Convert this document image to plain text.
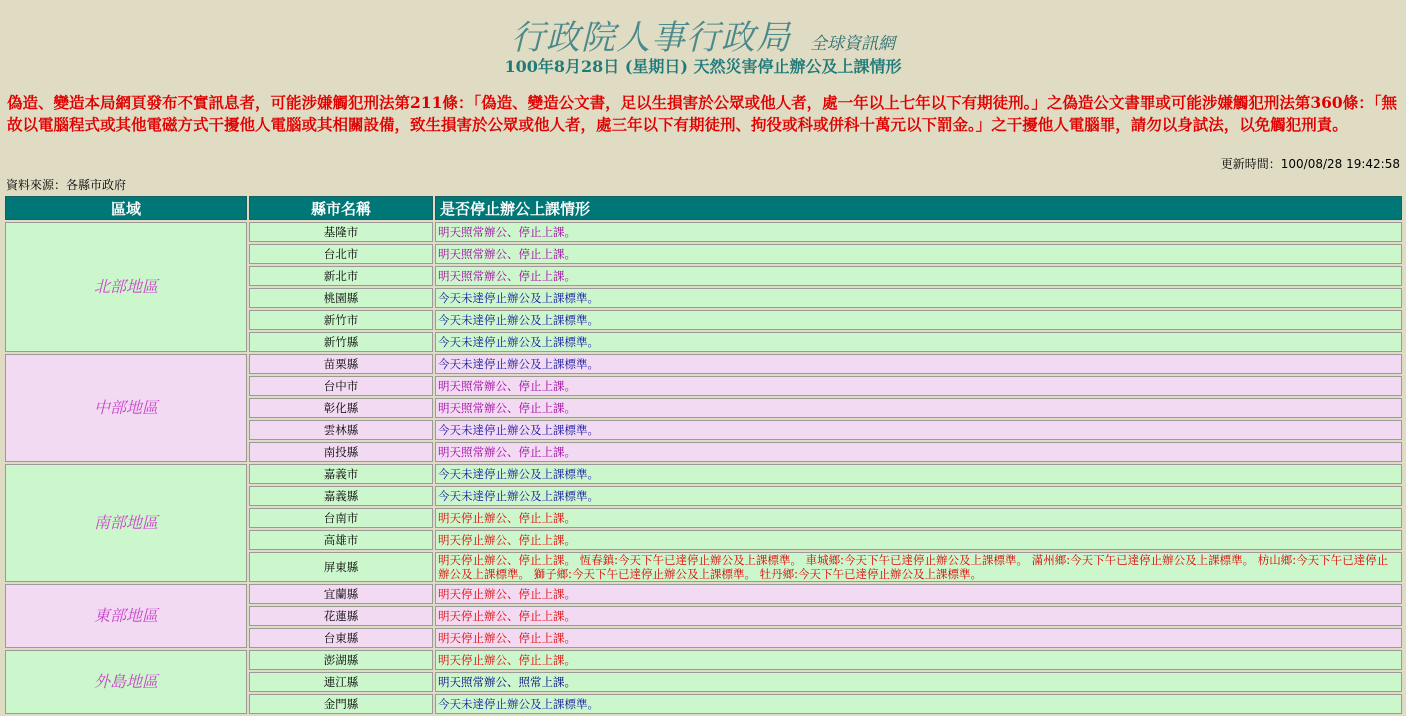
行政院人事行政局 全球資訊網
100年8月28日 (星期日) 天然災害停止辦公及上課情形
偽造、變造本局網頁發布不實訊息者，可能涉嫌觸犯刑法第211條：「偽造、變造公文書，足以生損害於公眾或他人者，處一年以上七年以下有期徒刑。」之偽造公文書罪或可能涉嫌觸犯刑法第360條：「無故以電腦程式或其他電磁方式干擾他人電腦或其相關設備，致生損害於公眾或他人者，處三年以下有期徒刑、拘役或科或併科十萬元以下罰金。」之干擾他人電腦罪，請勿以身試法，以免觸犯刑責。
更新時間：100/08/28 19:42:58
資料來源：各縣市政府
區域	縣市名稱	是否停止辦公上課情形
北部地區	基隆市	明天照常辦公、停止上課。
	台北市	明天照常辦公、停止上課。
	新北市	明天照常辦公、停止上課。
	桃園縣	今天未達停止辦公及上課標準。
	新竹市	今天未達停止辦公及上課標準。
	新竹縣	今天未達停止辦公及上課標準。
中部地區	苗栗縣	今天未達停止辦公及上課標準。
	台中市	明天照常辦公、停止上課。
	彰化縣	明天照常辦公、停止上課。
	雲林縣	今天未達停止辦公及上課標準。
	南投縣	明天照常辦公、停止上課。
南部地區	嘉義市	今天未達停止辦公及上課標準。
	嘉義縣	今天未達停止辦公及上課標準。
	台南市	明天停止辦公、停止上課。
	高雄市	明天停止辦公、停止上課。
	屏東縣	明天停止辦公、停止上課。 恆春鎮:今天下午已達停止辦公及上課標準。 車城鄉:今天下午已達停止辦公及上課標準。 滿州鄉:今天下午已達停止辦公及上課標準。 枋山鄉:今天下午已達停止辦公及上課標準。 獅子鄉:今天下午已達停止辦公及上課標準。 牡丹鄉:今天下午已達停止辦公及上課標準。
東部地區	宜蘭縣	明天停止辦公、停止上課。
	花蓮縣	明天停止辦公、停止上課。
	台東縣	明天停止辦公、停止上課。
外島地區	澎湖縣	明天停止辦公、停止上課。
	連江縣	明天照常辦公、照常上課。
	金門縣	今天未達停止辦公及上課標準。
